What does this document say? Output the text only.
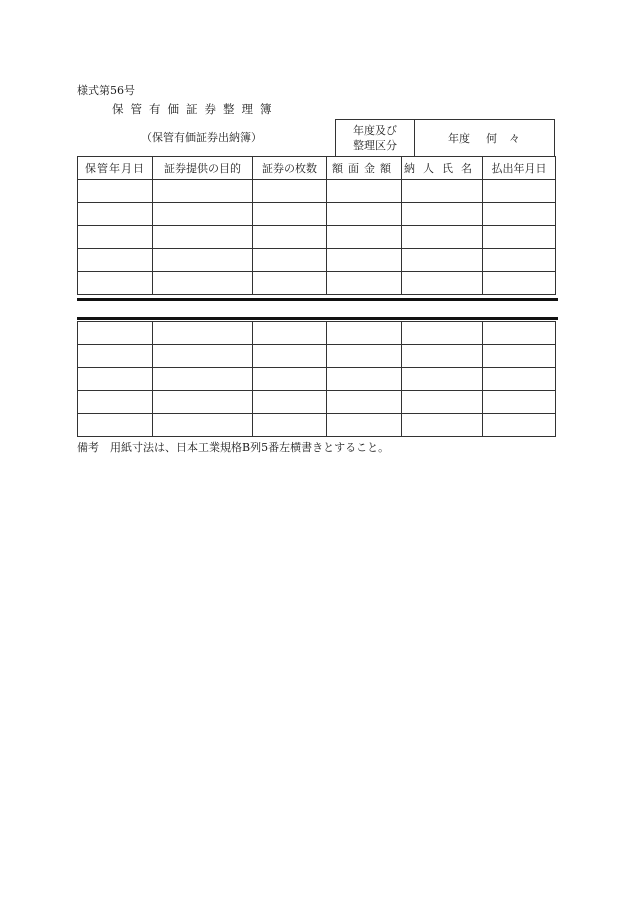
様式第56号
保管有価証券整理簿
（保管有価証券出納簿）
年度及び
整理区分
年度 何々
保管年月日	証券提供の目的	証券の枚数	額面金額	納人氏名	払出年月日

備考　用紙寸法は、日本工業規格B列5番左横書きとすること。
